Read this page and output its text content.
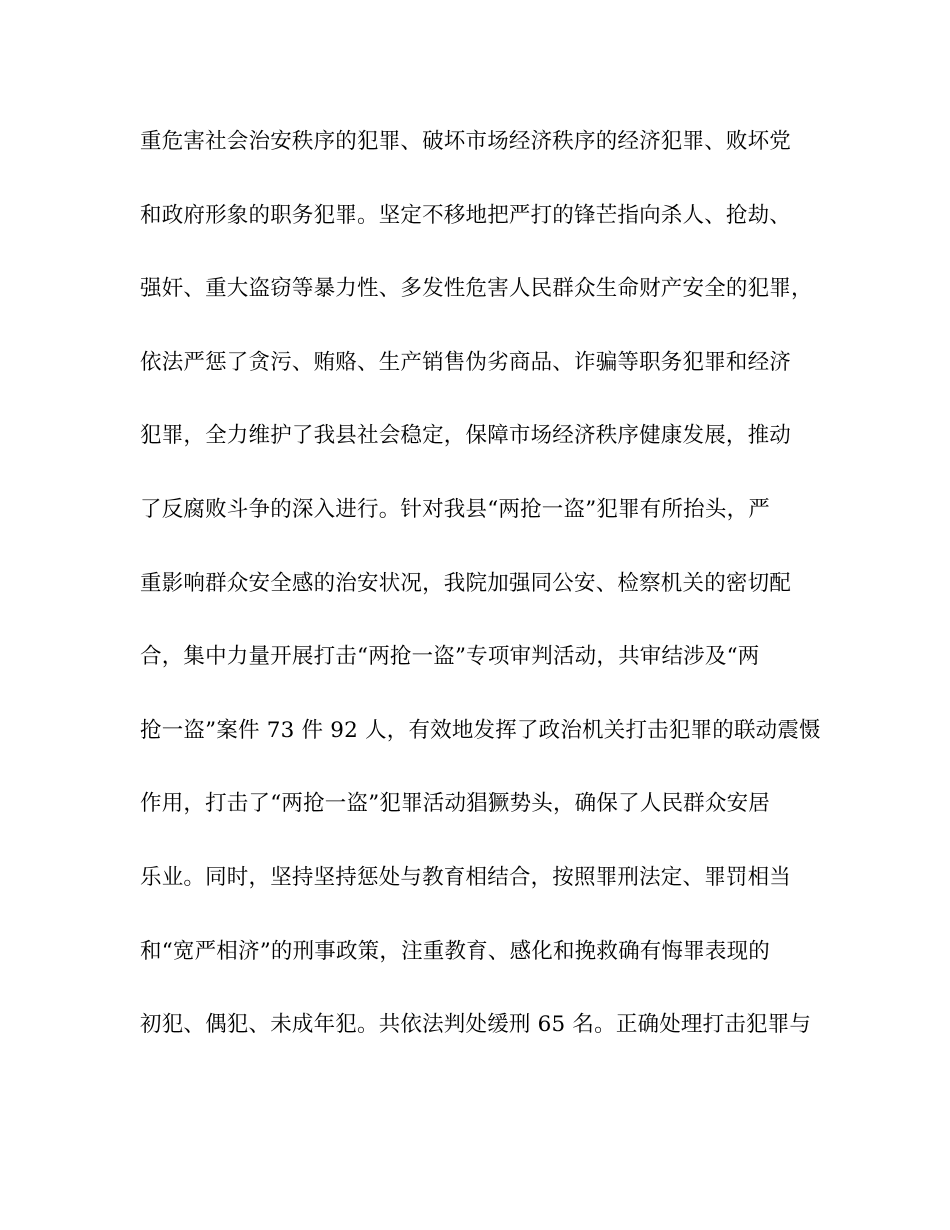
重危害社会治安秩序的犯罪、破坏市场经济秩序的经济犯罪、败坏党
和政府形象的职务犯罪。坚定不移地把严打的锋芒指向杀人、抢劫、
强奸、重大盗窃等暴力性、多发性危害人民群众生命财产安全的犯罪，
依法严惩了贪污、贿赂、生产销售伪劣商品、诈骗等职务犯罪和经济
犯罪，全力维护了我县社会稳定，保障市场经济秩序健康发展，推动
了反腐败斗争的深入进行。针对我县“两抢一盗”犯罪有所抬头，严
重影响群众安全感的治安状况，我院加强同公安、检察机关的密切配
合，集中力量开展打击“两抢一盗”专项审判活动，共审结涉及“两
抢一盗”案件 73 件 92 人，有效地发挥了政治机关打击犯罪的联动震慑
作用，打击了“两抢一盗”犯罪活动猖獗势头，确保了人民群众安居
乐业。同时，坚持坚持惩处与教育相结合，按照罪刑法定、罪罚相当
和“宽严相济”的刑事政策，注重教育、感化和挽救确有悔罪表现的
初犯、偶犯、未成年犯。共依法判处缓刑 65 名。正确处理打击犯罪与
